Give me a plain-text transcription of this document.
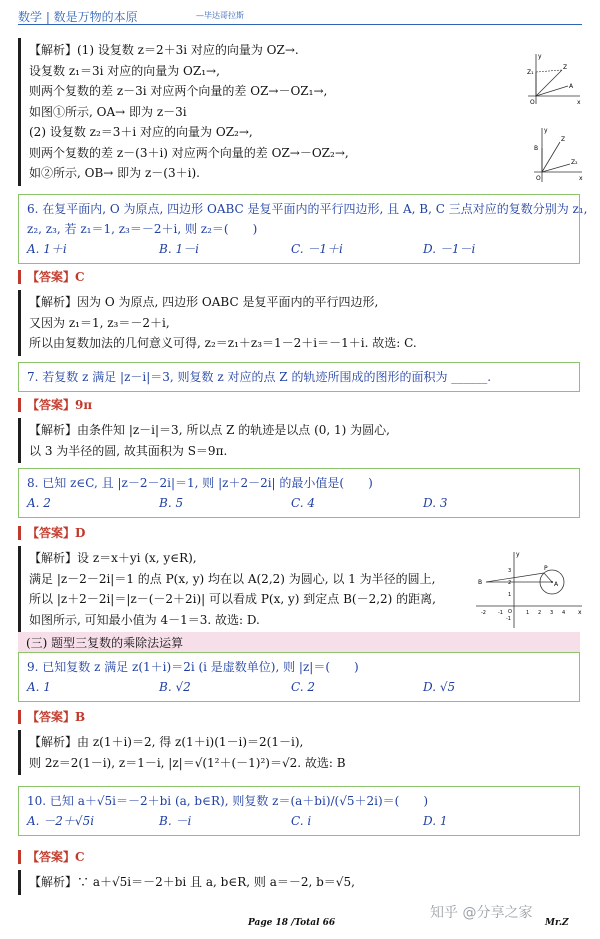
数学 | 数是万物的本原	—毕达哥拉斯

【解析】(1) 设复数 z＝2＋3i 对应的向量为 OZ→.

设复数 z₁＝3i 对应的向量为 OZ₁→,

则两个复数的差 z－3i 对应两个向量的差 OZ→－OZ₁→,

如图①所示, OA→ 即为 z－3i

(2) 设复数 z₂＝3＋i 对应的向量为 OZ₂→,

则两个复数的差 z－(3＋i) 对应两个向量的差 OZ→－OZ₂→,

如②所示, OB→ 即为 z－(3＋i).

y
x
O
Z
Z₁
A
y
x
O
Z
Z₂
B

6. 在复平面内, O 为原点, 四边形 OABC 是复平面内的平行四边形, 且 A, B, C 三点对应的复数分别为 z₁,

z₂, z₃, 若 z₁＝1, z₃＝－2＋i, 则 z₂＝(　　)

A. 1＋i	B. 1－i	C. －1＋i	D. －1－i

【答案】C

【解析】因为 O 为原点, 四边形 OABC 是复平面内的平行四边形,

又因为 z₁＝1, z₃＝－2＋i,

所以由复数加法的几何意义可得, z₂＝z₁＋z₃＝1－2＋i＝－1＋i. 故选: C.

7. 若复数 z 满足 |z－i|＝3, 则复数 z 对应的点 Z 的轨迹所围成的图形的面积为 ______.

【答案】9π

【解析】由条件知 |z－i|＝3, 所以点 Z 的轨迹是以点 (0, 1) 为圆心,

以 3 为半径的圆, 故其面积为 S＝9π.

8. 已知 z∈C, 且 |z－2－2i|＝1, 则 |z＋2－2i| 的最小值是(　　)

A. 2	B. 5	C. 4	D. 3

【答案】D

【解析】设 z＝x＋yi (x, y∈R),

满足 |z－2－2i|＝1 的点 P(x, y) 均在以 A(2,2) 为圆心, 以 1 为半径的圆上,

所以 |z＋2－2i|＝|z－(－2＋2i)| 可以看成 P(x, y) 到定点 B(－2,2) 的距离,

如图所示, 可知最小值为 4－1＝3. 故选: D.

y
x
O
A
B
P
-2 -1	1 2 3 4
1
2
3
-1
(三) 题型三复数的乘除法运算

9. 已知复数 z 满足 z(1＋i)＝2i (i 是虚数单位), 则 |z|＝(　　)

A. 1	B. √2	C. 2	D. √5

【答案】B

【解析】由 z(1＋i)＝2, 得 z(1＋i)(1－i)＝2(1－i),

则 2z＝2(1－i), z＝1－i, |z|＝√(1²＋(－1)²)＝√2. 故选: B

10. 已知 a＋√5i＝－2＋bi (a, b∈R), 则复数 z＝(a＋bi)/(√5＋2i)＝(　　)

A. －2＋√5i	B. －i	C. i	D. 1

【答案】C

【解析】∵ a＋√5i＝－2＋bi 且 a, b∈R, 则 a＝－2, b＝√5,

知乎 @分享之家
Page 18 /Total 66	Mr.Z
